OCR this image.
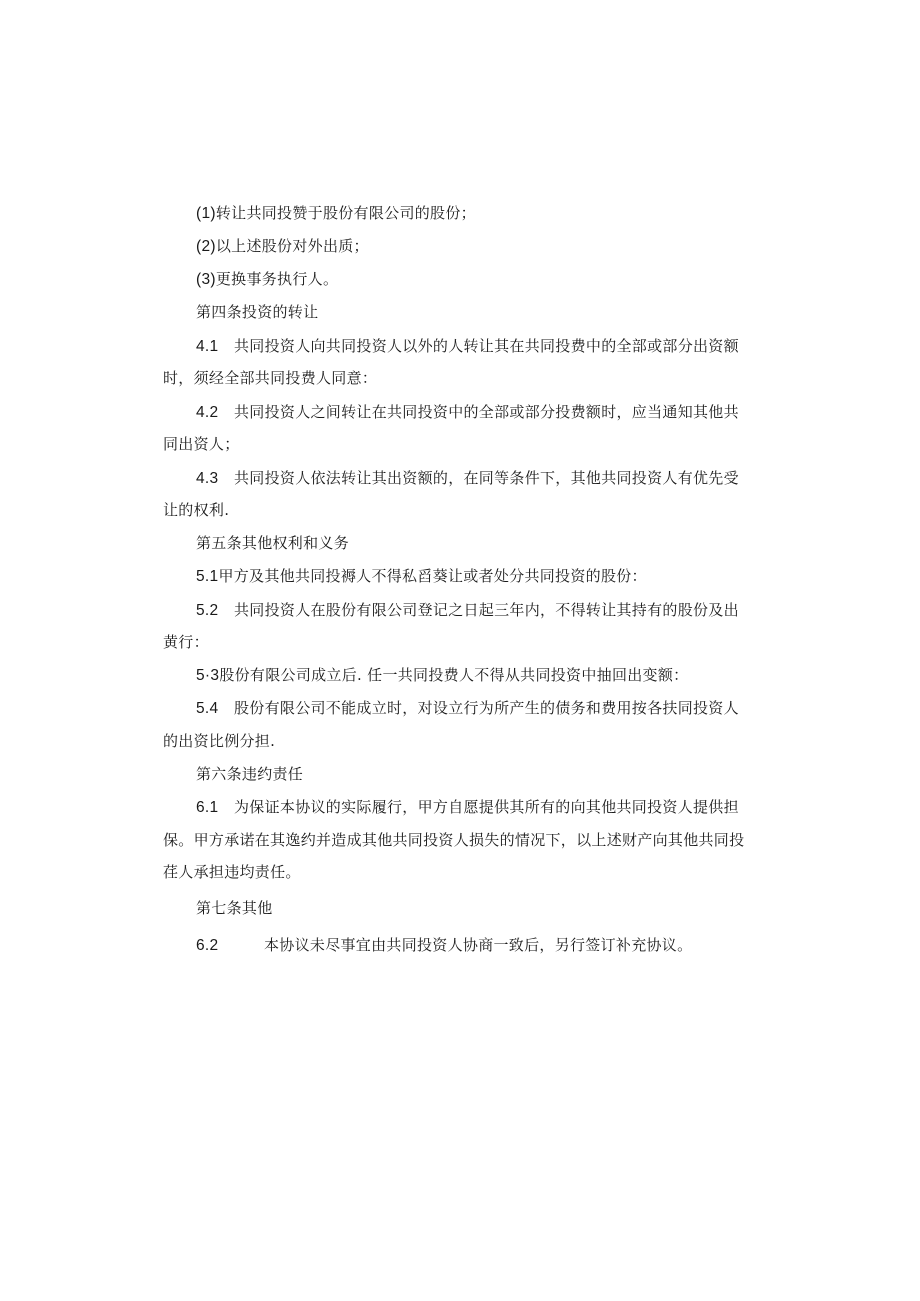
(1)转让共同投赞于股份有限公司的股份；
(2)以上述股份对外出质；
(3)更换事务执行人。
第四条投资的转让
4.1 共同投资人向共同投资人以外的人转让其在共同投费中的全部或部分出资额
时，须经全部共同投费人同意：
4.2 共同投资人之间转让在共同投资中的全部或部分投费额时，应当通知其他共
同出资人；
4.3 共同投资人依法转让其出资额的，在同等条件下，其他共同投资人有优先受
让的权利.
第五条其他权利和义务
5.1甲方及其他共同投褥人不得私舀葵让或者处分共同投资的股份：
5.2 共同投资人在股份有限公司登记之日起三年内，不得转让其持有的股份及出
黄行：
5·3股份有限公司成立后. 任一共同投费人不得从共同投资中抽回出变额：
5.4 股份有限公司不能成立时，对设立行为所产生的债务和费用按各扶同投资人
的出资比例分担.
第六条违约责任
6.1 为保证本协议的实际履行，甲方自愿提供其所有的向其他共同投资人提供担
保。甲方承诺在其逸约并造成其他共同投资人损失的情况下，以上述财产向其他共同投
荏人承担违均责任。
第七条其他
6.2	本协议未尽事宜由共同投资人协商一致后，另行签订补充协议。
